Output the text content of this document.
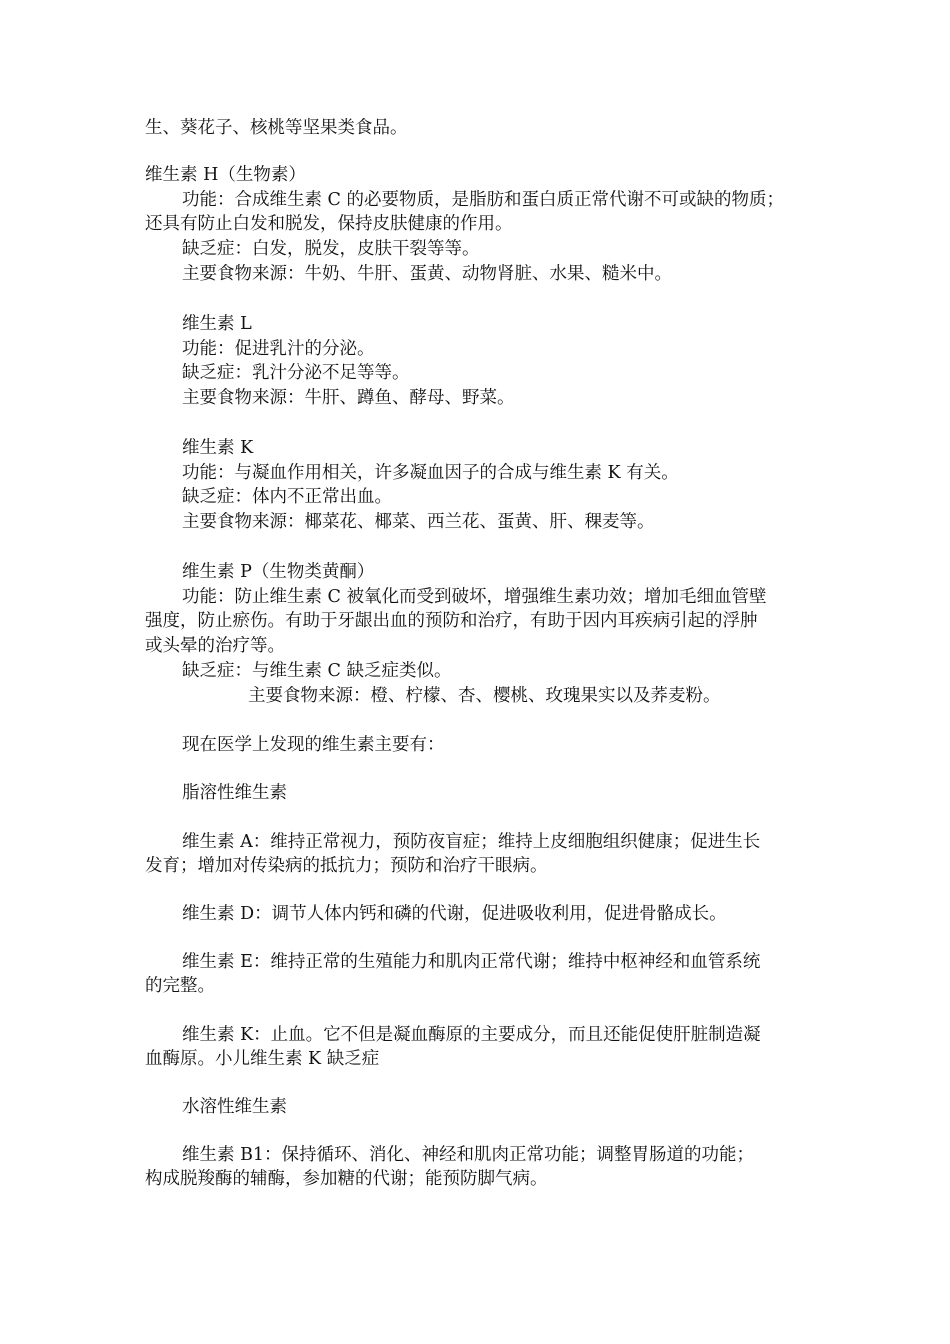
生、葵花子、核桃等坚果类食品。
维生素 H（生物素）
功能：合成维生素 C 的必要物质，是脂肪和蛋白质正常代谢不可或缺的物质；
还具有防止白发和脱发，保持皮肤健康的作用。
缺乏症：白发，脱发，皮肤干裂等等。
主要食物来源：牛奶、牛肝、蛋黄、动物肾脏、水果、糙米中。
维生素 L
功能：促进乳汁的分泌。
缺乏症：乳汁分泌不足等等。
主要食物来源：牛肝、蹲鱼、酵母、野菜。
维生素 K
功能：与凝血作用相关，许多凝血因子的合成与维生素 K 有关。
缺乏症：体内不正常出血。
主要食物来源：椰菜花、椰菜、西兰花、蛋黄、肝、稞麦等。
维生素 P（生物类黄酮）
功能：防止维生素 C 被氧化而受到破坏，增强维生素功效；增加毛细血管壁
强度，防止瘀伤。有助于牙龈出血的预防和治疗，有助于因内耳疾病引起的浮肿
或头晕的治疗等。
缺乏症：与维生素 C 缺乏症类似。
主要食物来源：橙、柠檬、杏、樱桃、玫瑰果实以及荞麦粉。
现在医学上发现的维生素主要有：
脂溶性维生素
维生素 A：维持正常视力，预防夜盲症；维持上皮细胞组织健康；促进生长
发育；增加对传染病的抵抗力；预防和治疗干眼病。
维生素 D：调节人体内钙和磷的代谢，促进吸收利用，促进骨骼成长。
维生素 E：维持正常的生殖能力和肌肉正常代谢；维持中枢神经和血管系统
的完整。
维生素 K：止血。它不但是凝血酶原的主要成分，而且还能促使肝脏制造凝
血酶原。小儿维生素 K 缺乏症
水溶性维生素
维生素 B1：保持循环、消化、神经和肌肉正常功能；调整胃肠道的功能；
构成脱羧酶的辅酶，参加糖的代谢；能预防脚气病。
